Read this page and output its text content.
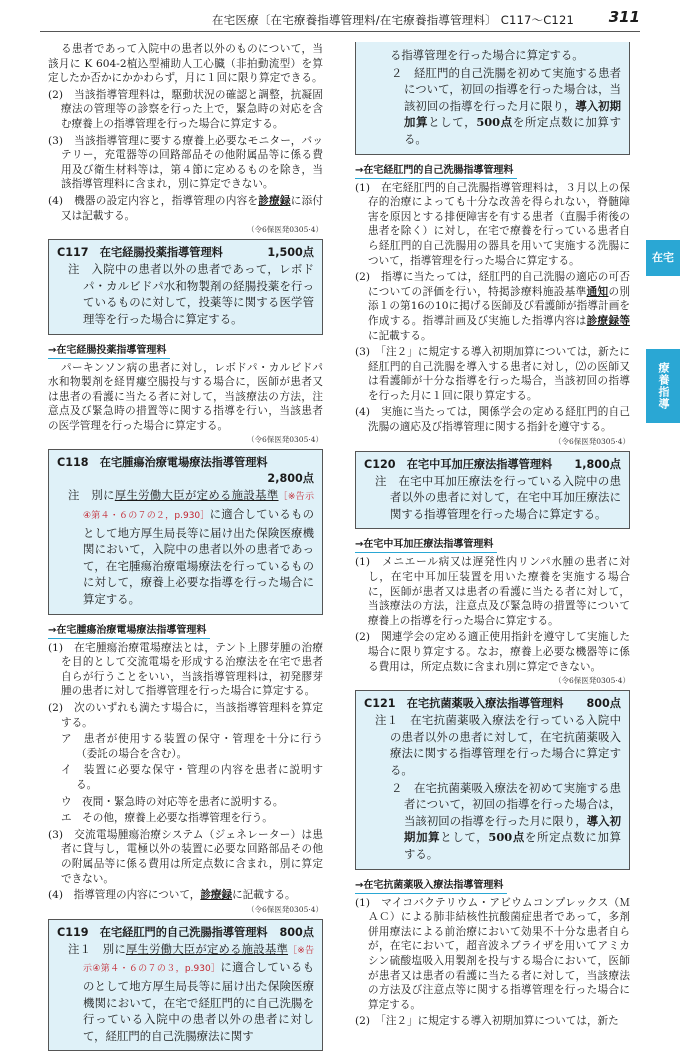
在宅医療〔在宅療養指導管理料/在宅療養指導管理料〕 C117〜C121 311
在宅
療養指導

る患者であって入院中の患者以外のものについて，当該月に K 604-2植込型補助人工心臓（非拍動流型）を算定したか否かにかかわらず，月に１回に限り算定できる。

(2)　当該指導管理料は，駆動状況の確認と調整，抗凝固療法の管理等の診察を行った上で，緊急時の対応を含む療養上の指導管理を行った場合に算定する。

(3)　当該指導管理に要する療養上必要なモニター，バッテリー，充電器等の回路部品その他附属品等に係る費用及び衛生材料等は，第４節に定めるものを除き，当該指導管理料に含まれ，別に算定できない。

(4)　機器の設定内容と，指導管理の内容を診療録に添付又は記載する。

（令6保医発0305·4）
C117　 在宅経腸投薬指導管理料	1,500点

注　入院中の患者以外の患者であって，レボドパ・カルビドパ水和物製剤の経腸投薬を行っているものに対して，投薬等に関する医学管理等を行った場合に算定する。

→在宅経腸投薬指導管理料

パーキンソン病の患者に対し，レボドパ・カルビドパ水和物製剤を経胃瘻空腸投与する場合に，医師が患者又は患者の看護に当たる者に対して，当該療法の方法，注意点及び緊急時の措置等に関する指導を行い，当該患者の医学管理を行った場合に算定する。

（令6保医発0305·4）
C118　 在宅腫瘍治療電場療法指導管理料
2,800点

注　別に厚生労働大臣が定める施設基準［※告示④第４・６の７の２，p.930］に適合しているものとして地方厚生局長等に届け出た保険医療機関において，入院中の患者以外の患者であって，在宅腫瘍治療電場療法を行っているものに対して，療養上必要な指導を行った場合に算定する。

→在宅腫瘍治療電場療法指導管理料

(1)　在宅腫瘍治療電場療法とは，テント上膠芽腫の治療を目的として交流電場を形成する治療法を在宅で患者自らが行うことをいい，当該指導管理料は，初発膠芽腫の患者に対して指導管理を行った場合に算定する。

(2)　次のいずれも満たす場合に，当該指導管理料を算定する。

ア　患者が使用する装置の保守・管理を十分に行う（委託の場合を含む）。

イ　装置に必要な保守・管理の内容を患者に説明する。

ウ　夜間・緊急時の対応等を患者に説明する。

エ　その他，療養上必要な指導管理を行う。

(3)　交流電場腫瘍治療システム（ジェネレーター）は患者に貸与し，電極以外の装置に必要な回路部品その他の附属品等に係る費用は所定点数に含まれ，別に算定できない。

(4)　指導管理の内容について，診療録に記載する。

（令6保医発0305·4）
C119　 在宅経肛門的自己洗腸指導管理料 800点

注１　別に厚生労働大臣が定める施設基準［※告示④第４・６の７の３，p.930］に適合しているものとして地方厚生局長等に届け出た保険医療機関において，在宅で経肛門的に自己洗腸を行っている入院中の患者以外の患者に対して，経肛門的自己洗腸療法に関す

る指導管理を行った場合に算定する。

２　経肛門的自己洗腸を初めて実施する患者について，初回の指導を行った場合は，当該初回の指導を行った月に限り，導入初期加算として，500点を所定点数に加算する。

→在宅経肛門的自己洗腸指導管理料

(1)　在宅経肛門的自己洗腸指導管理料は，３月以上の保存的治療によっても十分な改善を得られない，脊髄障害を原因とする排便障害を有する患者（直腸手術後の患者を除く）に対し，在宅で療養を行っている患者自ら経肛門的自己洗腸用の器具を用いて実施する洗腸について，指導管理を行った場合に算定する。

(2)　指導に当たっては，経肛門的自己洗腸の適応の可否についての評価を行い，特掲診療料施設基準通知の別添１の第16の10に掲げる医師及び看護師が指導計画を作成する。指導計画及び実施した指導内容は診療録等に記載する。

(3)　「注２」に規定する導入初期加算については，新たに経肛門的自己洗腸を導入する患者に対し，⑵の医師又は看護師が十分な指導を行った場合，当該初回の指導を行った月に１回に限り算定する。

(4)　実施に当たっては，関係学会の定める経肛門的自己洗腸の適応及び指導管理に関する指針を遵守する。

（令6保医発0305·4）
C120　 在宅中耳加圧療法指導管理料 1,800点

注　在宅中耳加圧療法を行っている入院中の患者以外の患者に対して，在宅中耳加圧療法に関する指導管理を行った場合に算定する。

→在宅中耳加圧療法指導管理料

(1)　メニエール病又は遅発性内リンパ水腫の患者に対し，在宅中耳加圧装置を用いた療養を実施する場合に，医師が患者又は患者の看護に当たる者に対して，当該療法の方法，注意点及び緊急時の措置等について療養上の指導を行った場合に算定する。

(2)　関連学会の定める適正使用指針を遵守して実施した場合に限り算定する。なお，療養上必要な機器等に係る費用は，所定点数に含まれ別に算定できない。

（令6保医発0305·4）
C121　 在宅抗菌薬吸入療法指導管理料 800点

注１　在宅抗菌薬吸入療法を行っている入院中の患者以外の患者に対して，在宅抗菌薬吸入療法に関する指導管理を行った場合に算定する。

２　在宅抗菌薬吸入療法を初めて実施する患者について，初回の指導を行った場合は，当該初回の指導を行った月に限り，導入初期加算として，500点を所定点数に加算する。

→在宅抗菌薬吸入療法指導管理料

(1)　マイコバクテリウム・アビウムコンプレックス（ＭＡＣ）による肺非結核性抗酸菌症患者であって，多剤併用療法による前治療において効果不十分な患者自らが，在宅において，超音波ネブライザを用いてアミカシン硫酸塩吸入用製剤を投与する場合において，医師が患者又は患者の看護に当たる者に対して，当該療法の方法及び注意点等に関する指導管理を行った場合に算定する。

(2)　「注２」に規定する導入初期加算については，新た
